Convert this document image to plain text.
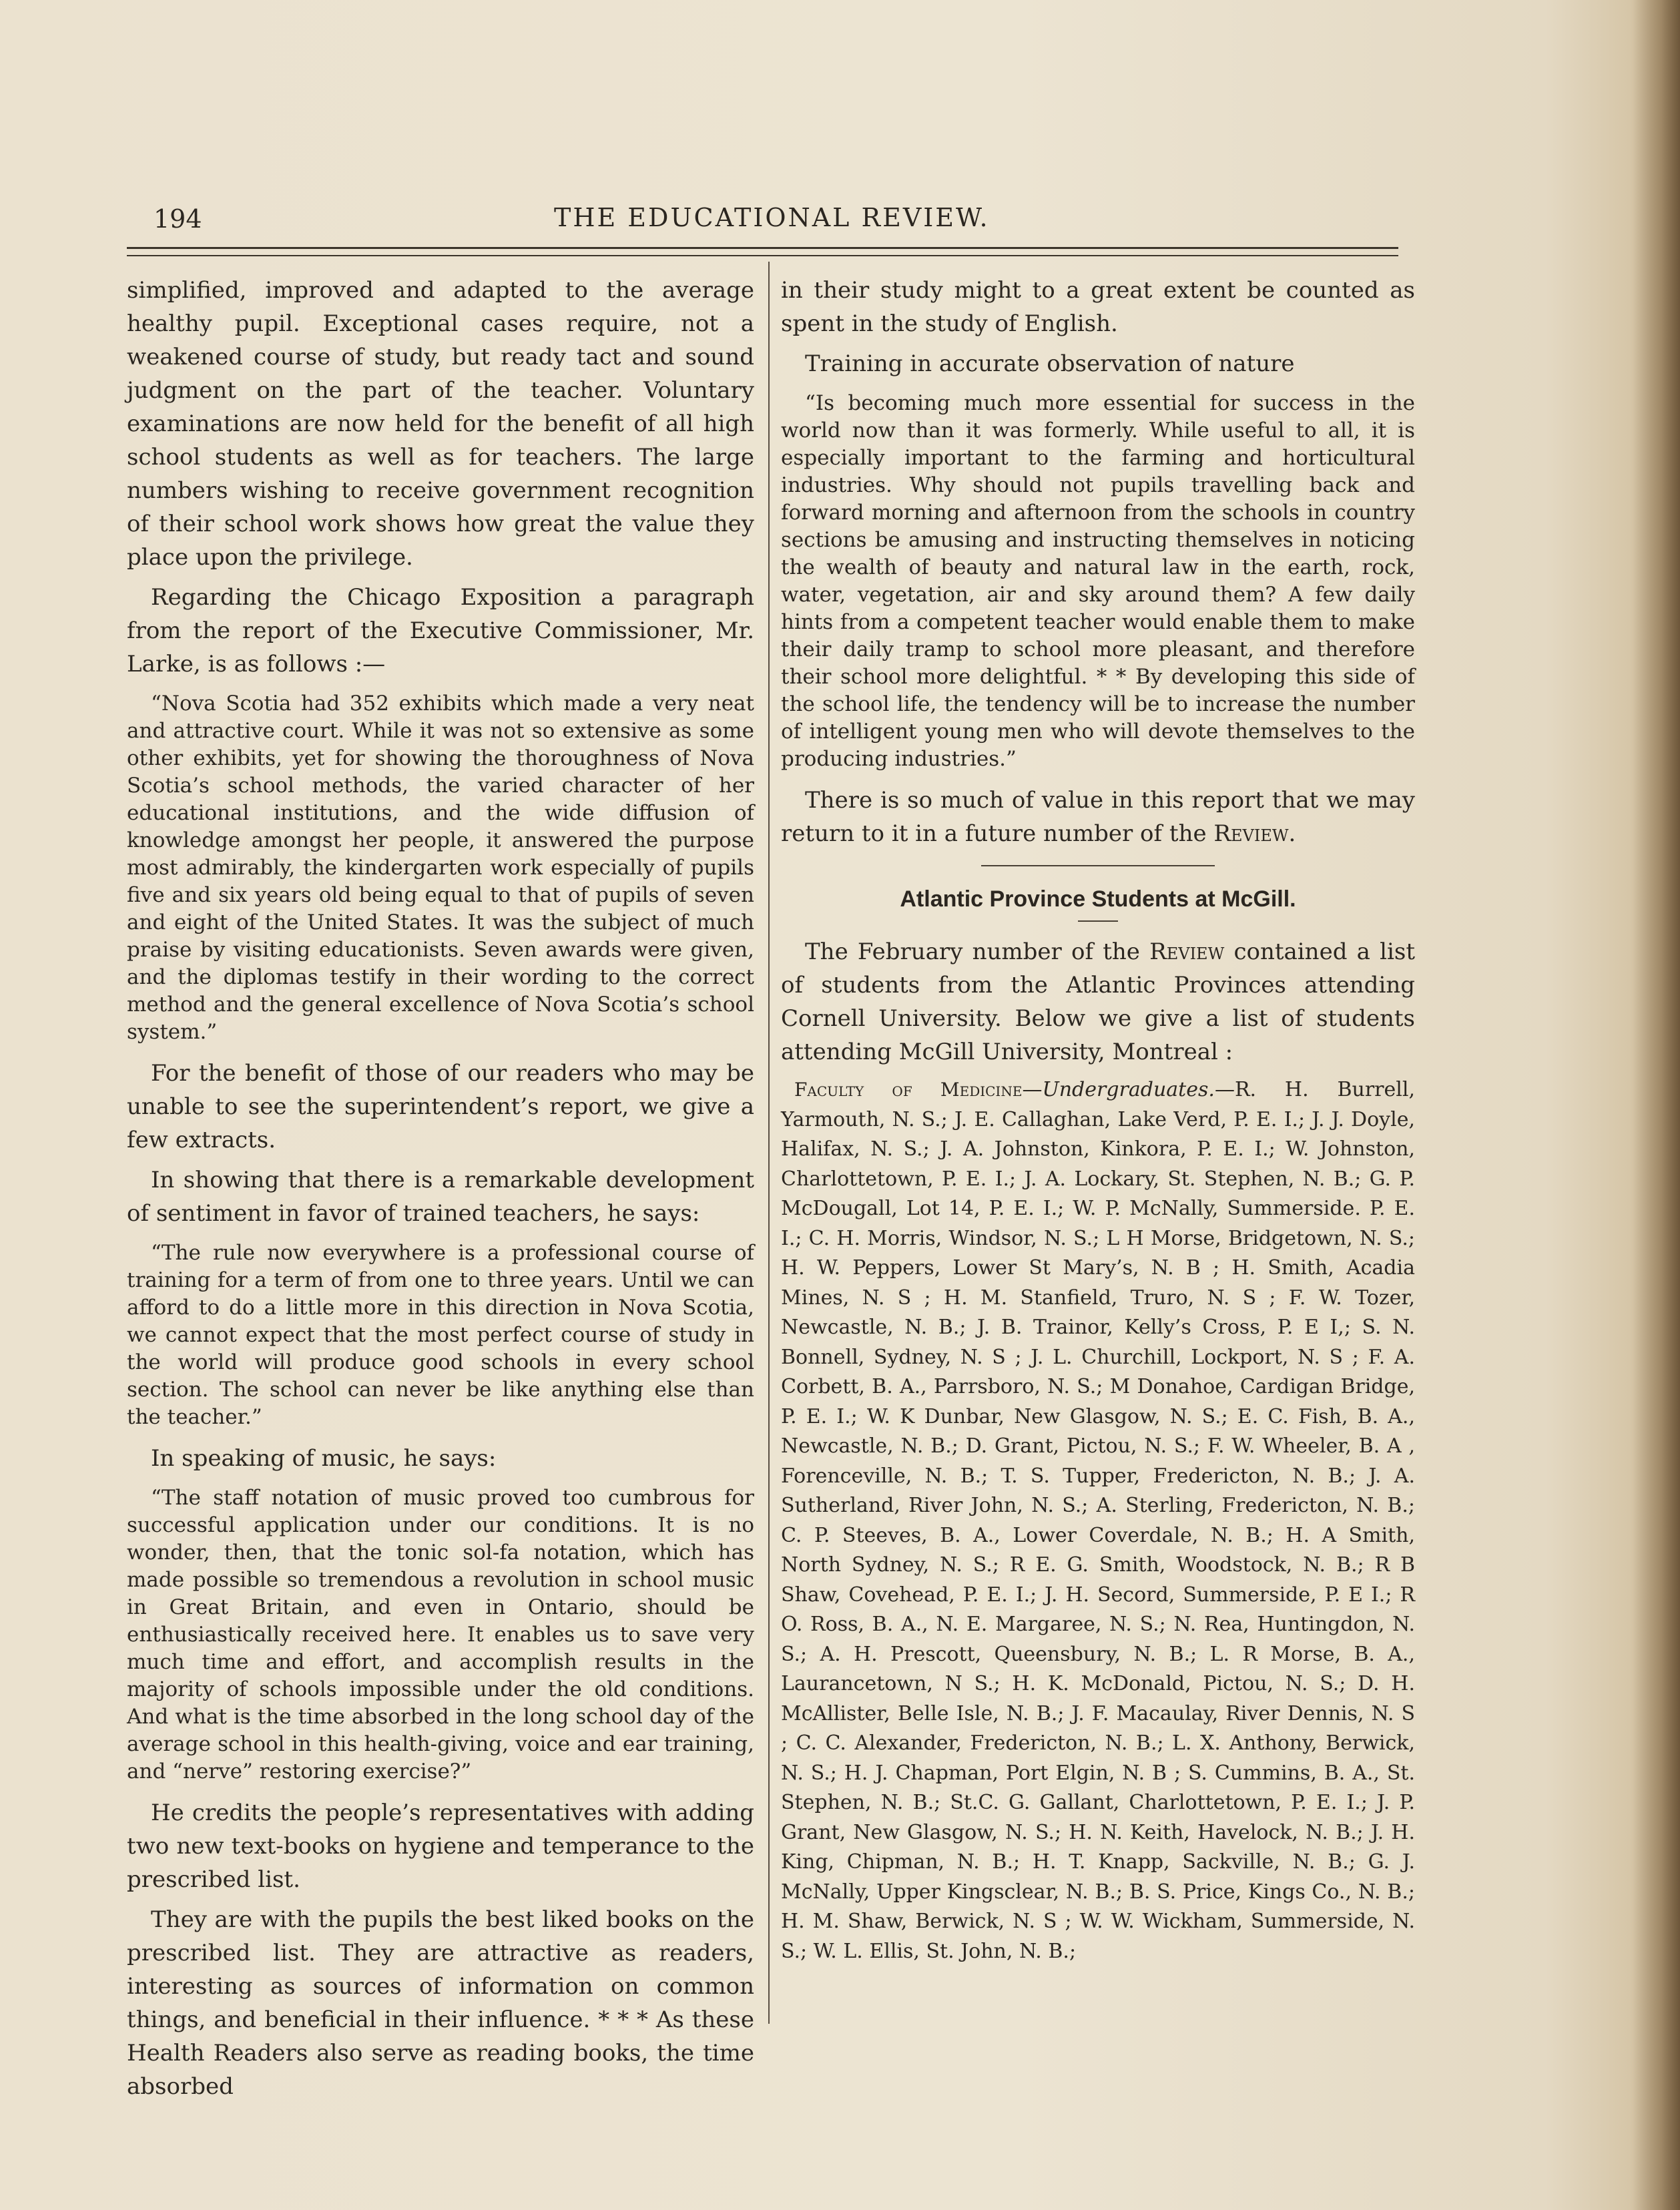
194	THE EDUCATIONAL REVIEW.

simplified, improved and adapted to the average healthy pupil. Exceptional cases require, not a weakened course of study, but ready tact and sound judgment on the part of the teacher. Voluntary examinations are now held for the benefit of all high school students as well as for teachers. The large numbers wishing to receive government recognition of their school work shows how great the value they place upon the privilege.

Regarding the Chicago Exposition a paragraph from the report of the Executive Commissioner, Mr. Larke, is as follows :—

“Nova Scotia had 352 exhibits which made a very neat and attractive court. While it was not so extensive as some other exhibits, yet for showing the thoroughness of Nova Scotia’s school methods, the varied character of her educational institutions, and the wide diffusion of knowledge amongst her people, it answered the purpose most admirably, the kindergarten work especially of pupils five and six years old being equal to that of pupils of seven and eight of the United States. It was the subject of much praise by visiting educationists. Seven awards were given, and the diplomas testify in their wording to the correct method and the general excellence of Nova Scotia’s school system.”

For the benefit of those of our readers who may be unable to see the superintendent’s report, we give a few extracts.

In showing that there is a remarkable development of sentiment in favor of trained teachers, he says:

“The rule now everywhere is a professional course of training for a term of from one to three years. Until we can afford to do a little more in this direction in Nova Scotia, we cannot expect that the most perfect course of study in the world will produce good schools in every school section. The school can never be like anything else than the teacher.”

In speaking of music, he says:

“The staff notation of music proved too cumbrous for successful application under our conditions. It is no wonder, then, that the tonic sol-fa notation, which has made possible so tremendous a revolution in school music in Great Britain, and even in Ontario, should be enthusiastically received here. It enables us to save very much time and effort, and accomplish results in the majority of schools impossible under the old conditions. And what is the time absorbed in the long school day of the average school in this health-giving, voice and ear training, and “nerve” restoring exercise?”

He credits the people’s representatives with adding two new text-books on hygiene and temperance to the prescribed list.

They are with the pupils the best liked books on the prescribed list. They are attractive as readers, interesting as sources of information on common things, and beneficial in their influence. * * * As these Health Readers also serve as reading books, the time absorbed

in their study might to a great extent be counted as spent in the study of English.

Training in accurate observation of nature

“Is becoming much more essential for success in the world now than it was formerly. While useful to all, it is especially important to the farming and horticultural industries. Why should not pupils travelling back and forward morning and afternoon from the schools in country sections be amusing and instructing themselves in noticing the wealth of beauty and natural law in the earth, rock, water, vegetation, air and sky around them? A few daily hints from a competent teacher would enable them to make their daily tramp to school more pleasant, and therefore their school more delightful. * * By developing this side of the school life, the tendency will be to increase the number of intelligent young men who will devote themselves to the producing industries.”

There is so much of value in this report that we may return to it in a future number of the Review.

Atlantic Province Students at McGill.

The February number of the Review contained a list of students from the Atlantic Provinces attending Cornell University. Below we give a list of students attending McGill University, Montreal :

Faculty of Medicine—Undergraduates.—R. H. Burrell, Yarmouth, N. S.; J. E. Callaghan, Lake Verd, P. E. I.; J. J. Doyle, Halifax, N. S.; J. A. Johnston, Kinkora, P. E. I.; W. Johnston, Charlottetown, P. E. I.; J. A. Lockary, St. Stephen, N. B.; G. P. McDougall, Lot 14, P. E. I.; W. P. McNally, Summerside. P. E. I.; C. H. Morris, Windsor, N. S.; L H Morse, Bridgetown, N. S.; H. W. Peppers, Lower St Mary’s, N. B ; H. Smith, Acadia Mines, N. S ; H. M. Stanfield, Truro, N. S ; F. W. Tozer, Newcastle, N. B.; J. B. Trainor, Kelly’s Cross, P. E I,; S. N. Bonnell, Sydney, N. S ; J. L. Churchill, Lockport, N. S ; F. A. Corbett, B. A., Parrsboro, N. S.; M Donahoe, Cardigan Bridge, P. E. I.; W. K Dunbar, New Glasgow, N. S.; E. C. Fish, B. A., Newcastle, N. B.; D. Grant, Pictou, N. S.; F. W. Wheeler, B. A , Forenceville, N. B.; T. S. Tupper, Fredericton, N. B.; J. A. Sutherland, River John, N. S.; A. Sterling, Fredericton, N. B.; C. P. Steeves, B. A., Lower Coverdale, N. B.; H. A Smith, North Sydney, N. S.; R E. G. Smith, Woodstock, N. B.; R B Shaw, Covehead, P. E. I.; J. H. Secord, Summerside, P. E I.; R O. Ross, B. A., N. E. Margaree, N. S.; N. Rea, Huntingdon, N. S.; A. H. Prescott, Queensbury, N. B.; L. R Morse, B. A., Laurancetown, N S.; H. K. McDonald, Pictou, N. S.; D. H. McAllister, Belle Isle, N. B.; J. F. Macaulay, River Dennis, N. S ; C. C. Alexander, Fredericton, N. B.; L. X. Anthony, Berwick, N. S.; H. J. Chapman, Port Elgin, N. B ; S. Cummins, B. A., St. Stephen, N. B.; St.C. G. Gallant, Charlottetown, P. E. I.; J. P. Grant, New Glasgow, N. S.; H. N. Keith, Havelock, N. B.; J. H. King, Chipman, N. B.; H. T. Knapp, Sackville, N. B.; G. J. McNally, Upper Kingsclear, N. B.; B. S. Price, Kings Co., N. B.; H. M. Shaw, Berwick, N. S ; W. W. Wickham, Summerside, N. S.; W. L. Ellis, St. John, N. B.;
